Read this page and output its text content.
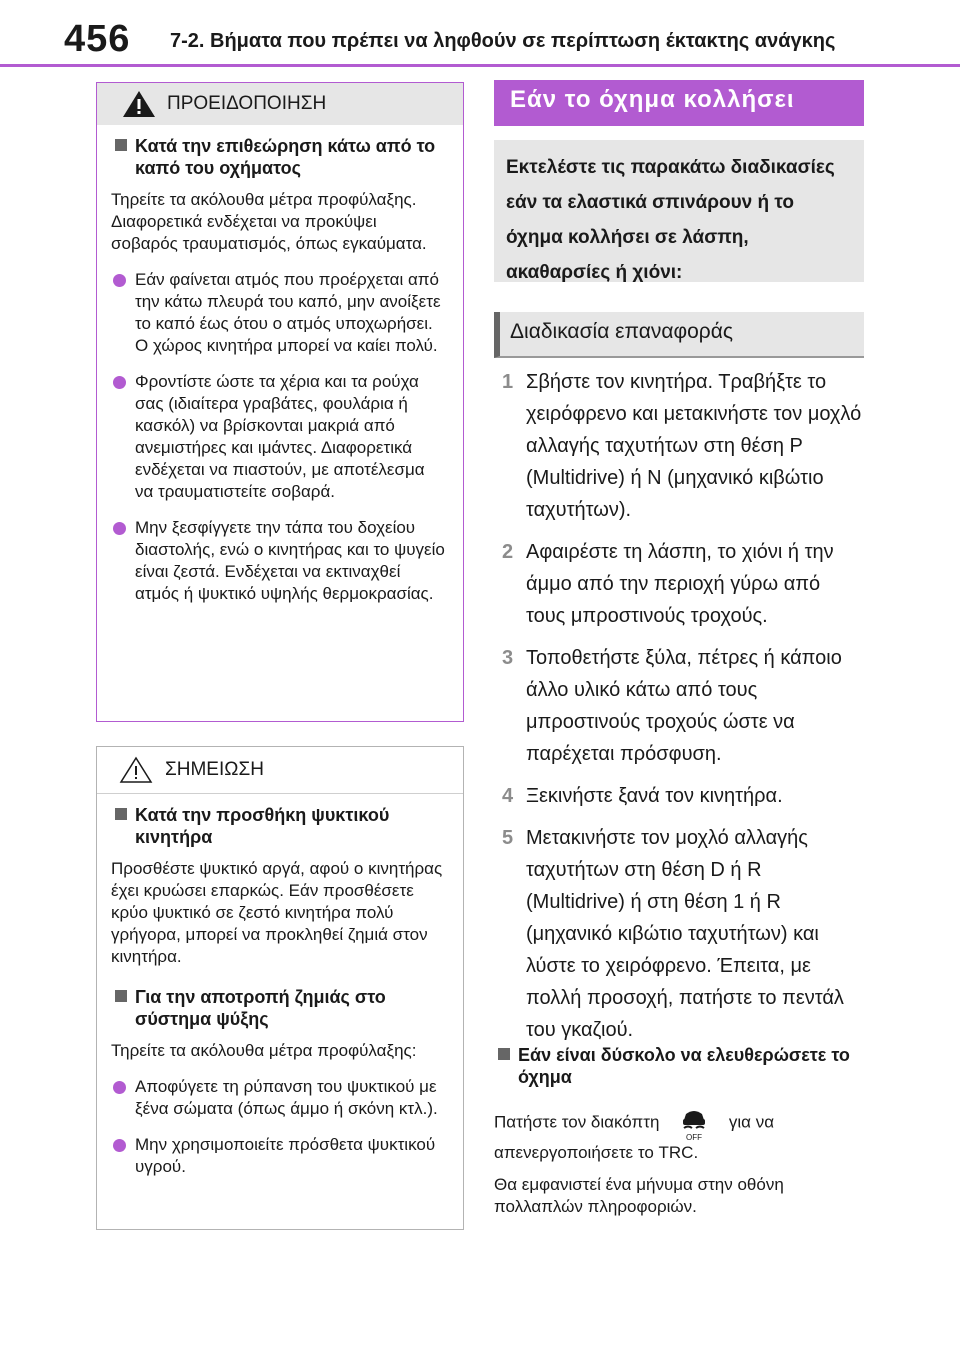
456 7-2. Βήματα που πρέπει να ληφθούν σε περίπτωση έκτακτης ανάγκης
ΠΡΟΕΙΔΟΠΟΙΗΣΗ
Κατά την επιθεώρηση κάτω από το καπό του οχήματος
Τηρείτε τα ακόλουθα μέτρα προφύλαξης. Διαφορετικά ενδέχεται να προκύψει σοβαρός τραυματισμός, όπως εγκαύματα.
Εάν φαίνεται ατμός που προέρχεται από την κάτω πλευρά του καπό, μην ανοίξετε το καπό έως ότου ο ατμός υποχωρήσει. Ο χώρος κινητήρα μπορεί να καίει πολύ.
Φροντίστε ώστε τα χέρια και τα ρούχα σας (ιδιαίτερα γραβάτες, φουλάρια ή κασκόλ) να βρίσκονται μακριά από ανεμιστήρες και ιμάντες. Διαφορετικά ενδέχεται να πιαστούν, με αποτέλεσμα να τραυματιστείτε σοβαρά.
Μην ξεσφίγγετε την τάπα του δοχείου διαστολής, ενώ ο κινητήρας και το ψυγείο είναι ζεστά. Ενδέχεται να εκτιναχθεί ατμός ή ψυκτικό υψηλής θερμοκρασίας.
ΣΗΜΕΙΩΣΗ
Κατά την προσθήκη ψυκτικού κινητήρα
Προσθέστε ψυκτικό αργά, αφού ο κινητήρας έχει κρυώσει επαρκώς. Εάν προσθέσετε κρύο ψυκτικό σε ζεστό κινητήρα πολύ γρήγορα, μπορεί να προκληθεί ζημιά στον κινητήρα.
Για την αποτροπή ζημιάς στο σύστημα ψύξης
Τηρείτε τα ακόλουθα μέτρα προφύλαξης:
Αποφύγετε τη ρύπανση του ψυκτικού με ξένα σώματα (όπως άμμο ή σκόνη κτλ.).
Μην χρησιμοποιείτε πρόσθετα ψυκτικού υγρού.
Εάν το όχημα κολλήσει
Εκτελέστε τις παρακάτω διαδικασίες εάν τα ελαστικά σπινάρουν ή το όχημα κολλήσει σε λάσπη, ακαθαρσίες ή χιόνι:
Διαδικασία επαναφοράς
1 Σβήστε τον κινητήρα. Τραβήξτε το χειρόφρενο και μετακινήστε τον μοχλό αλλαγής ταχυτήτων στη θέση P (Multidrive) ή N (μηχανικό κιβώτιο ταχυτήτων).
2 Αφαιρέστε τη λάσπη, το χιόνι ή την άμμο από την περιοχή γύρω από τους μπροστινούς τροχούς.
3 Τοποθετήστε ξύλα, πέτρες ή κάποιο άλλο υλικό κάτω από τους μπροστινούς τροχούς ώστε να παρέχεται πρόσφυση.
4 Ξεκινήστε ξανά τον κινητήρα.
5 Μετακινήστε τον μοχλό αλλαγής ταχυτήτων στη θέση D ή R (Multidrive) ή στη θέση 1 ή R (μηχανικό κιβώτιο ταχυτήτων) και λύστε το χειρόφρενο. Έπειτα, με πολλή προσοχή, πατήστε το πεντάλ του γκαζιού.
Εάν είναι δύσκολο να ελευθερώσετε το όχημα
Πατήστε τον διακόπτη
OFF
για να απενεργοποιήσετε το TRC.
Θα εμφανιστεί ένα μήνυμα στην οθόνη πολλαπλών πληροφοριών.
